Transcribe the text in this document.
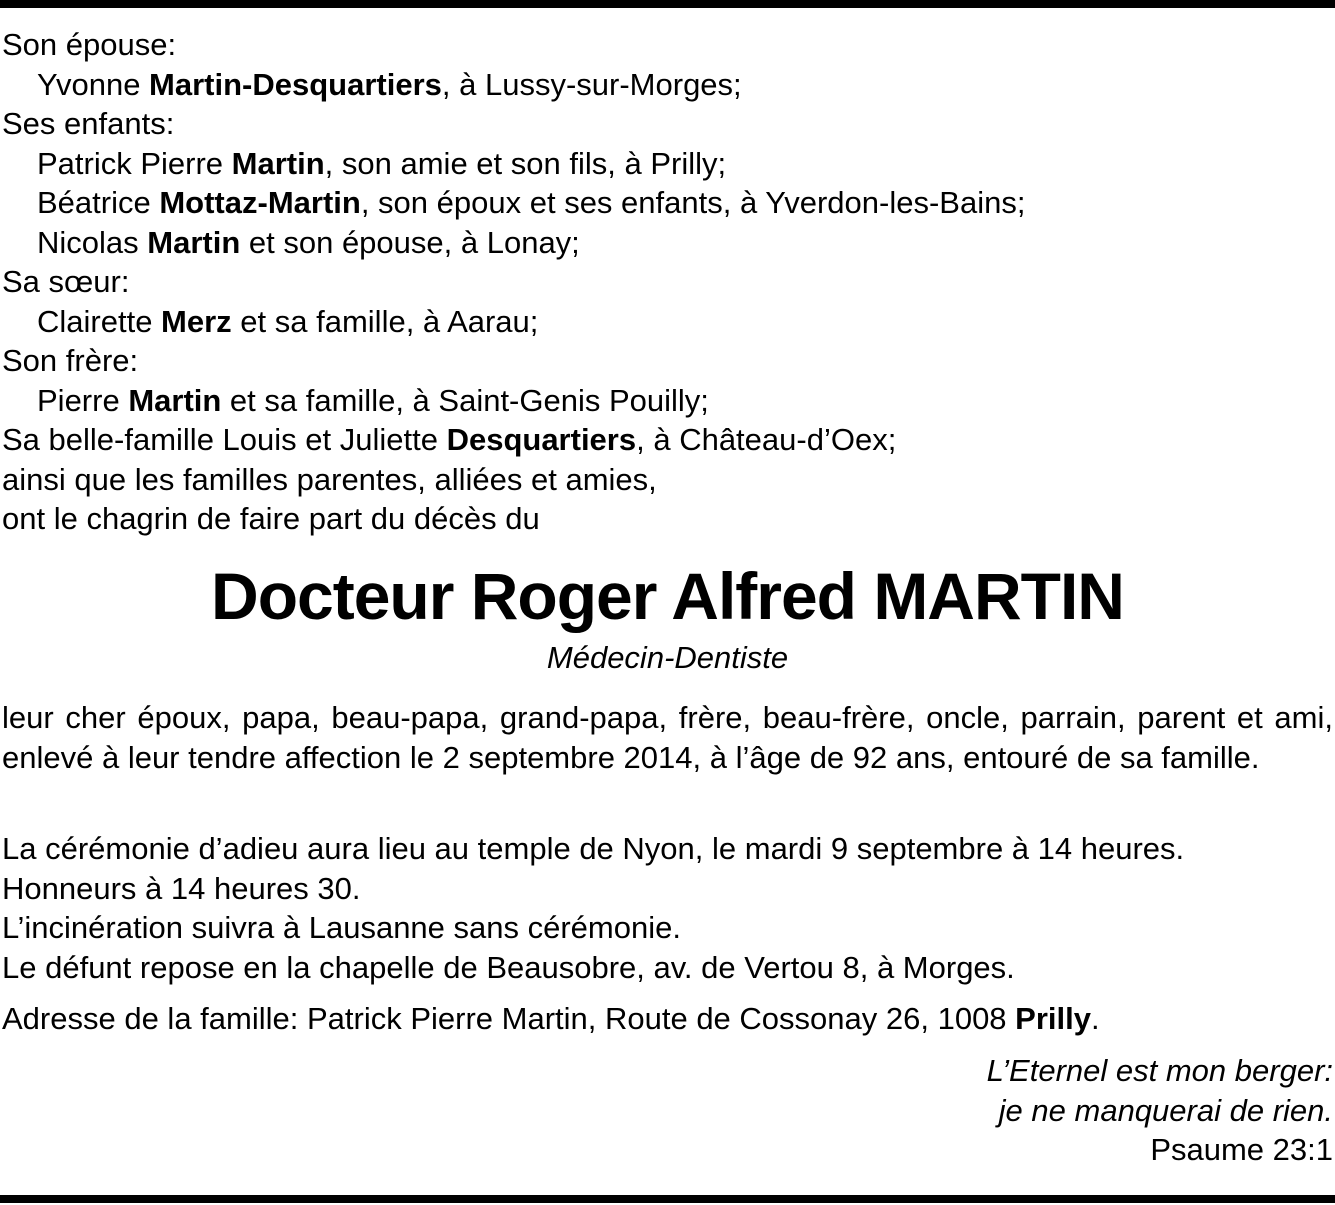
Son épouse:
Yvonne Martin-Desquartiers, à Lussy-sur-Morges;
Ses enfants:
Patrick Pierre Martin, son amie et son fils, à Prilly;
Béatrice Mottaz-Martin, son époux et ses enfants, à Yverdon-les-Bains;
Nicolas Martin et son épouse, à Lonay;
Sa sœur:
Clairette Merz et sa famille, à Aarau;
Son frère:
Pierre Martin et sa famille, à Saint-Genis Pouilly;
Sa belle-famille Louis et Juliette Desquartiers, à Château-d’Oex;
ainsi que les familles parentes, alliées et amies,
ont le chagrin de faire part du décès du
Docteur Roger Alfred MARTIN
Médecin-Dentiste
leur cher époux, papa, beau-papa, grand-papa, frère, beau-frère, oncle, parrain, parent et ami, enlevé à leur tendre affection le 2 septembre 2014, à l’âge de 92 ans, entouré de sa famille.
La cérémonie d’adieu aura lieu au temple de Nyon, le mardi 9 septembre à 14 heures.
Honneurs à 14 heures 30.
L’incinération suivra à Lausanne sans cérémonie.
Le défunt repose en la chapelle de Beausobre, av. de Vertou 8, à Morges.
Adresse de la famille: Patrick Pierre Martin, Route de Cossonay 26, 1008 Prilly.
L’Eternel est mon berger:
je ne manquerai de rien.
Psaume 23:1
